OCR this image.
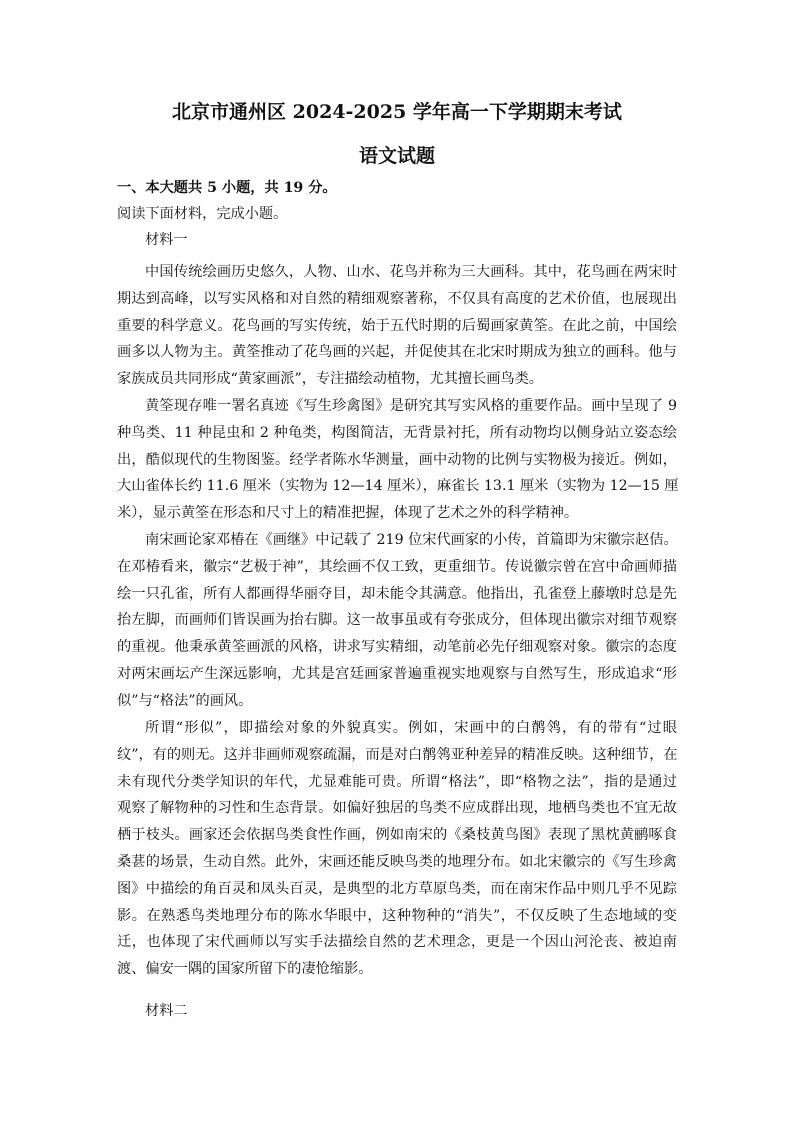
北京市通州区 2024-2025 学年高一下学期期末考试
语文试题
一、本大题共 5 小题，共 19 分。
阅读下面材料，完成小题。
材料一
中国传统绘画历史悠久，人物、山水、花鸟并称为三大画科。其中，花鸟画在两宋时
期达到高峰，以写实风格和对自然的精细观察著称，不仅具有高度的艺术价值，也展现出
重要的科学意义。花鸟画的写实传统，始于五代时期的后蜀画家黄筌。在此之前，中国绘
画多以人物为主。黄筌推动了花鸟画的兴起，并促使其在北宋时期成为独立的画科。他与
家族成员共同形成“黄家画派”，专注描绘动植物，尤其擅长画鸟类。
黄筌现存唯一署名真迹《写生珍禽图》是研究其写实风格的重要作品。画中呈现了 9
种鸟类、11 种昆虫和 2 种龟类，构图简洁，无背景衬托，所有动物均以侧身站立姿态绘
出，酷似现代的生物图鉴。经学者陈水华测量，画中动物的比例与实物极为接近。例如，
大山雀体长约 11.6 厘米（实物为 12—14 厘米），麻雀长 13.1 厘米（实物为 12—15 厘
米），显示黄筌在形态和尺寸上的精准把握，体现了艺术之外的科学精神。
南宋画论家邓椿在《画继》中记载了 219 位宋代画家的小传，首篇即为宋徽宗赵佶。
在邓椿看来，徽宗“艺极于神”，其绘画不仅工致，更重细节。传说徽宗曾在宫中命画师描
绘一只孔雀，所有人都画得华丽夺目，却未能令其满意。他指出，孔雀登上藤墩时总是先
抬左脚，而画师们皆误画为抬右脚。这一故事虽或有夸张成分，但体现出徽宗对细节观察
的重视。他秉承黄筌画派的风格，讲求写实精细，动笔前必先仔细观察对象。徽宗的态度
对两宋画坛产生深远影响，尤其是宫廷画家普遍重视实地观察与自然写生，形成追求“形
似”与“格法”的画风。
所谓“形似”，即描绘对象的外貌真实。例如，宋画中的白鹡鸰，有的带有“过眼
纹”，有的则无。这并非画师观察疏漏，而是对白鹡鸰亚种差异的精准反映。这种细节，在
未有现代分类学知识的年代，尤显难能可贵。所谓“格法”，即“格物之法”，指的是通过
观察了解物种的习性和生态背景。如偏好独居的鸟类不应成群出现，地栖鸟类也不宜无故
栖于枝头。画家还会依据鸟类食性作画，例如南宋的《桑枝黄鸟图》表现了黑枕黄鹂啄食
桑葚的场景，生动自然。此外，宋画还能反映鸟类的地理分布。如北宋徽宗的《写生珍禽
图》中描绘的角百灵和凤头百灵，是典型的北方草原鸟类，而在南宋作品中则几乎不见踪
影。在熟悉鸟类地理分布的陈水华眼中，这种物种的“消失”，不仅反映了生态地域的变
迁，也体现了宋代画师以写实手法描绘自然的艺术理念，更是一个因山河沦丧、被迫南
渡、偏安一隅的国家所留下的凄怆缩影。
材料二
